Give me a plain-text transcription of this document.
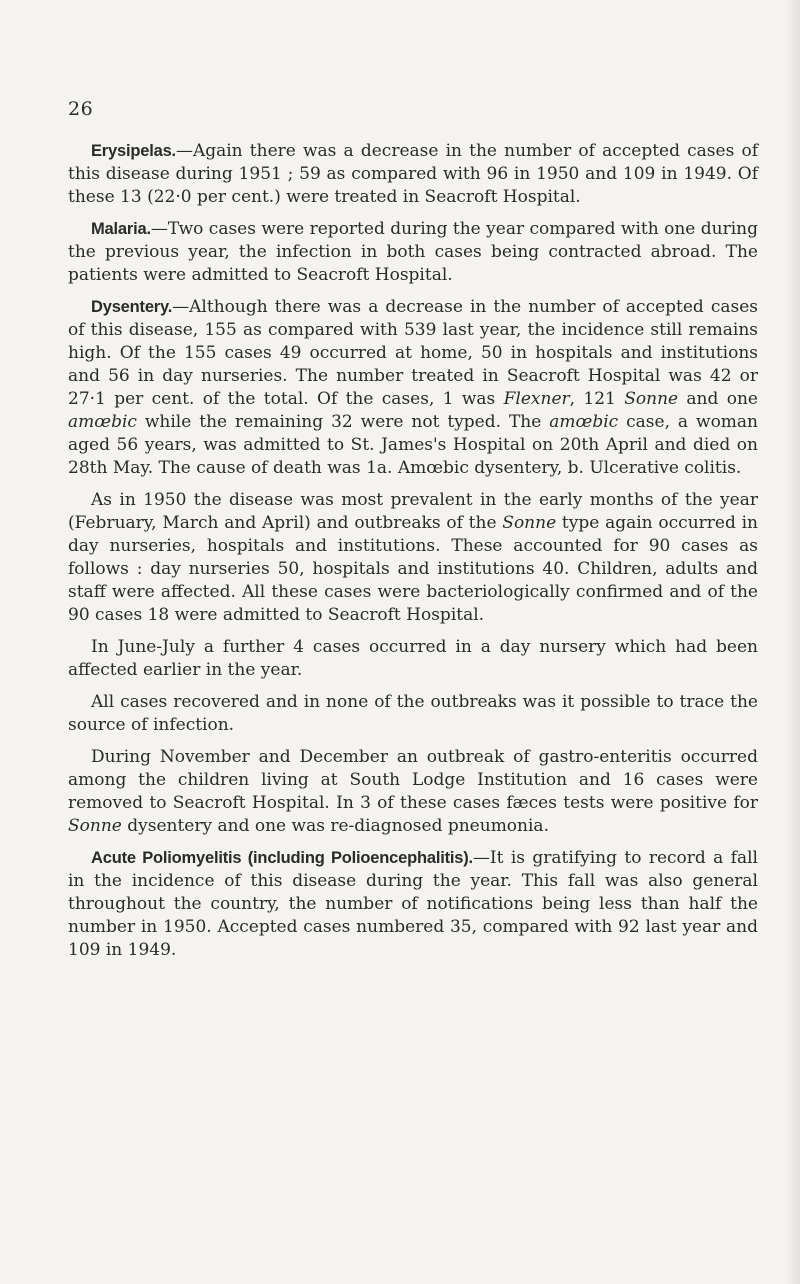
26

Erysipelas.—Again there was a decrease in the number of accepted cases of this disease during 1951 ; 59 as compared with 96 in 1950 and 109 in 1949. Of these 13 (22·0 per cent.) were treated in Seacroft Hospital.

Malaria.—Two cases were reported during the year compared with one during the previous year, the infection in both cases being contracted abroad. The patients were admitted to Seacroft Hospital.

Dysentery.—Although there was a decrease in the number of accepted cases of this disease, 155 as compared with 539 last year, the incidence still remains high. Of the 155 cases 49 occurred at home, 50 in hospitals and institutions and 56 in day nurseries. The number treated in Seacroft Hospital was 42 or 27·1 per cent. of the total. Of the cases, 1 was Flexner, 121 Sonne and one amœbic while the remaining 32 were not typed. The amœbic case, a woman aged 56 years, was admitted to St. James's Hospital on 20th April and died on 28th May. The cause of death was 1a. Amœbic dysentery, b. Ulcerative colitis.

As in 1950 the disease was most prevalent in the early months of the year (February, March and April) and outbreaks of the Sonne type again occurred in day nurseries, hospitals and institutions. These accounted for 90 cases as follows : day nurseries 50, hospitals and institutions 40. Children, adults and staff were affected. All these cases were bacteriologically confirmed and of the 90 cases 18 were admitted to Seacroft Hospital.

In June-July a further 4 cases occurred in a day nursery which had been affected earlier in the year.

All cases recovered and in none of the outbreaks was it possible to trace the source of infection.

During November and December an outbreak of gastro-enteritis occurred among the children living at South Lodge Institution and 16 cases were removed to Seacroft Hospital. In 3 of these cases fæces tests were positive for Sonne dysentery and one was re-diagnosed pneumonia.

Acute Poliomyelitis (including Polioencephalitis).—It is gratifying to record a fall in the incidence of this disease during the year. This fall was also general throughout the country, the number of notifications being less than half the number in 1950. Accepted cases numbered 35, compared with 92 last year and 109 in 1949.
